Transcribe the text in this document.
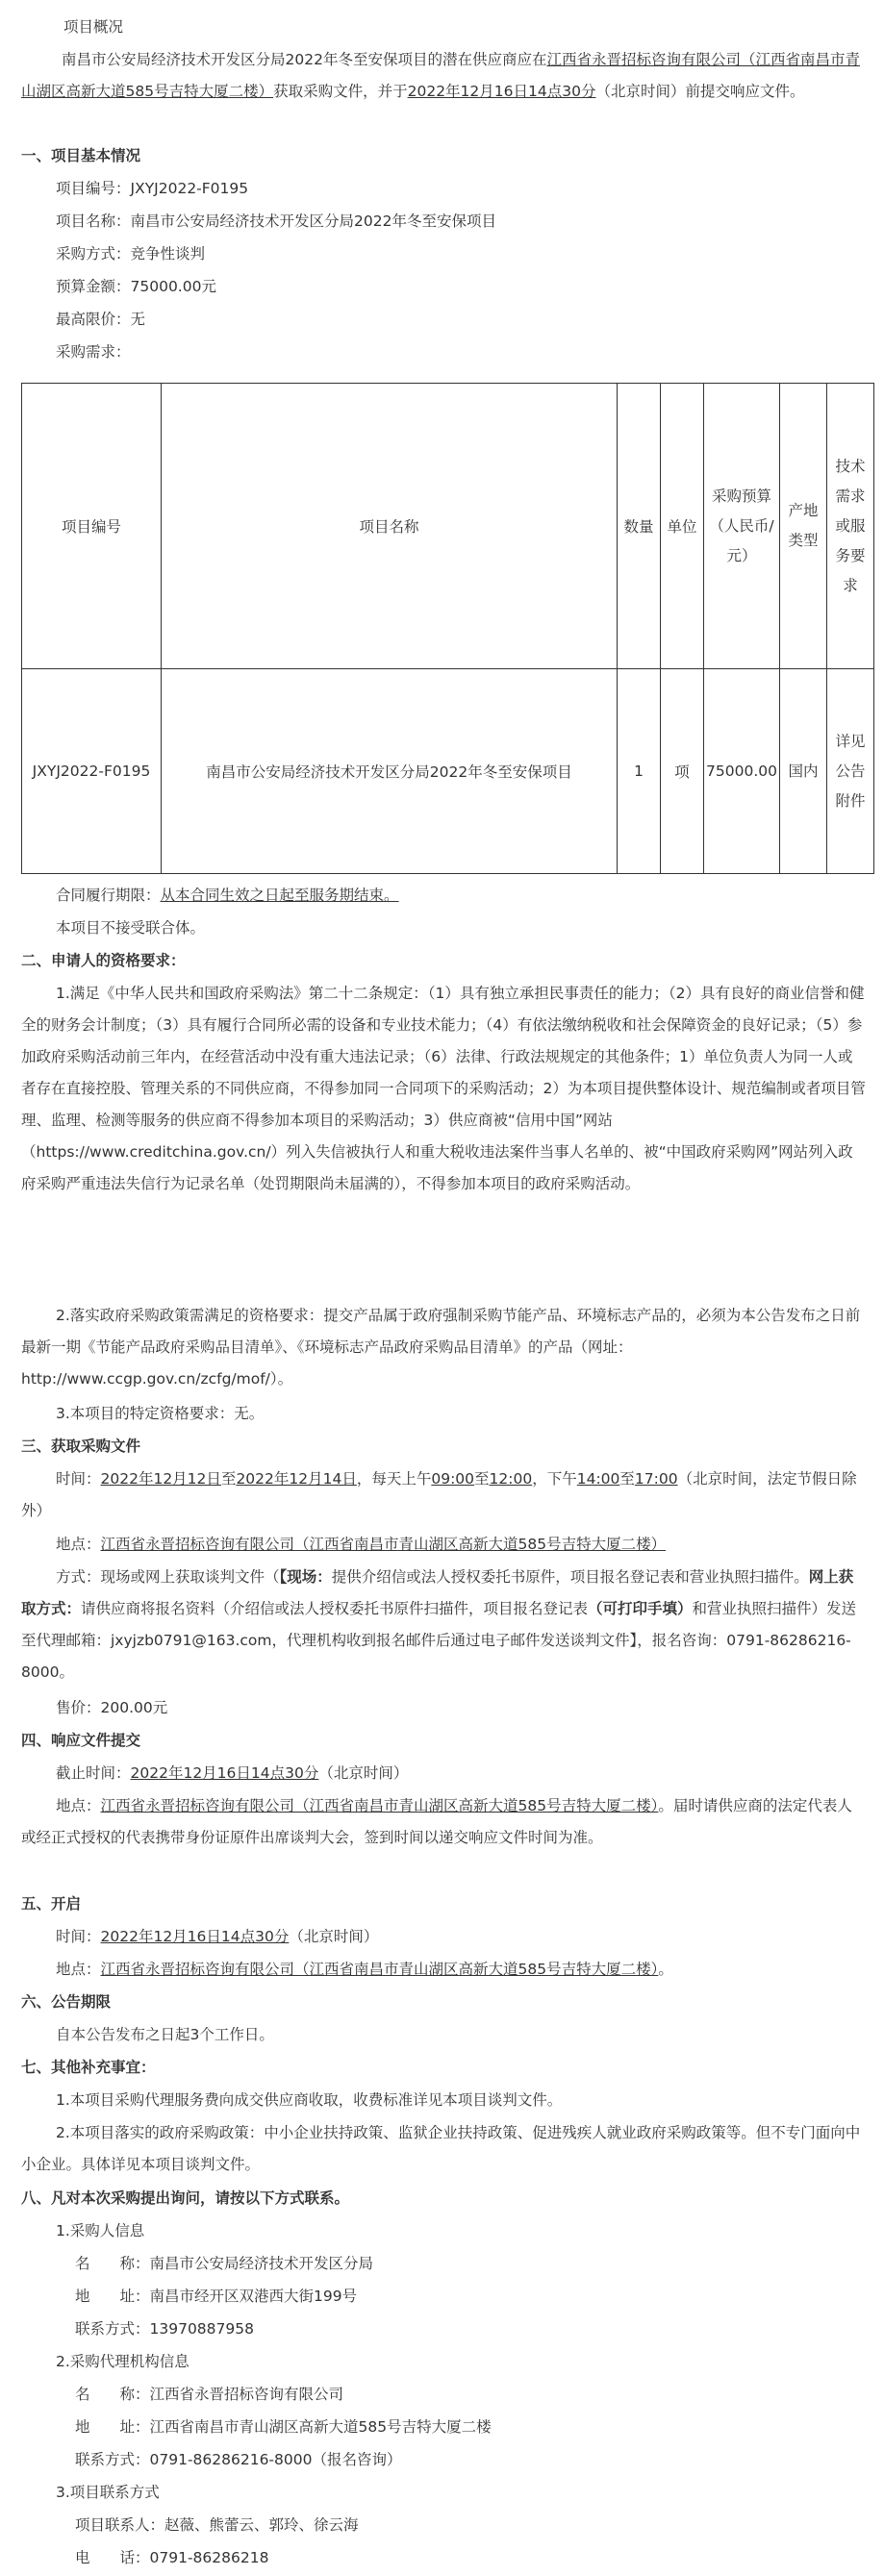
项目概况

南昌市公安局经济技术开发区分局2022年冬至安保项目的潜在供应商应在江西省永晋招标咨询有限公司（江西省南昌市青山湖区高新大道585号吉特大厦二楼）获取采购文件，并于2022年12月16日14点30分（北京时间）前提交响应文件。

一、项目基本情况
项目编号：JXYJ2022-F0195
项目名称：南昌市公安局经济技术开发区分局2022年冬至安保项目
采购方式：竞争性谈判
预算金额：75000.00元
最高限价：无
采购需求：
项目编号	项目名称	数量	单位	采购预算（人民币/元）	产地类型	技术需求或服务要求
JXYJ2022-F0195	南昌市公安局经济技术开发区分局2022年冬至安保项目	1	项	75000.00	国内	详见公告附件
合同履行期限：从本合同生效之日起至服务期结束。
本项目不接受联合体。
二、申请人的资格要求：

1.满足《中华人民共和国政府采购法》第二十二条规定：（1）具有独立承担民事责任的能力；（2）具有良好的商业信誉和健全的财务会计制度；（3）具有履行合同所必需的设备和专业技术能力；（4）有依法缴纳税收和社会保障资金的良好记录；（5）参加政府采购活动前三年内，在经营活动中没有重大违法记录；（6）法律、行政法规规定的其他条件；1）单位负责人为同一人或者存在直接控股、管理关系的不同供应商，不得参加同一合同项下的采购活动；2）为本项目提供整体设计、规范编制或者项目管理、监理、检测等服务的供应商不得参加本项目的采购活动；3）供应商被“信用中国”网站（https://www.creditchina.gov.cn/）列入失信被执行人和重大税收违法案件当事人名单的、被“中国政府采购网”网站列入政府采购严重违法失信行为记录名单（处罚期限尚未届满的），不得参加本项目的政府采购活动。

2.落实政府采购政策需满足的资格要求：提交产品属于政府强制采购节能产品、环境标志产品的，必须为本公告发布之日前最新一期《节能产品政府采购品目清单》、《环境标志产品政府采购品目清单》的产品（网址：http://www.ccgp.gov.cn/zcfg/mof/）。

3.本项目的特定资格要求：无。
三、获取采购文件

时间：2022年12月12日至2022年12月14日，每天上午09:00至12:00，下午14:00至17:00（北京时间，法定节假日除外）

地点：江西省永晋招标咨询有限公司（江西省南昌市青山湖区高新大道585号吉特大厦二楼）

方式：现场或网上获取谈判文件（【现场：提供介绍信或法人授权委托书原件，项目报名登记表和营业执照扫描件。网上获取方式：请供应商将报名资料（介绍信或法人授权委托书原件扫描件，项目报名登记表（可打印手填）和营业执照扫描件）发送至代理邮箱：jxyjzb0791@163.com，代理机构收到报名邮件后通过电子邮件发送谈判文件】，报名咨询：0791-86286216-8000。

售价：200.00元
四、响应文件提交
截止时间：2022年12月16日14点30分（北京时间）

地点：江西省永晋招标咨询有限公司（江西省南昌市青山湖区高新大道585号吉特大厦二楼）。届时请供应商的法定代表人或经正式授权的代表携带身份证原件出席谈判大会，签到时间以递交响应文件时间为准。

五、开启
时间：2022年12月16日14点30分（北京时间）
地点：江西省永晋招标咨询有限公司（江西省南昌市青山湖区高新大道585号吉特大厦二楼）。
六、公告期限
自本公告发布之日起3个工作日。
七、其他补充事宜：
1.本项目采购代理服务费向成交供应商收取，收费标准详见本项目谈判文件。

2.本项目落实的政府采购政策：中小企业扶持政策、监狱企业扶持政策、促进残疾人就业政府采购政策等。但不专门面向中小企业。具体详见本项目谈判文件。

八、凡对本次采购提出询问，请按以下方式联系。
1.采购人信息
名　　称：南昌市公安局经济技术开发区分局
地　　址：南昌市经开区双港西大街199号
联系方式：13970887958
2.采购代理机构信息
名　　称：江西省永晋招标咨询有限公司
地　　址：江西省南昌市青山湖区高新大道585号吉特大厦二楼
联系方式：0791-86286216-8000（报名咨询）
3.项目联系方式
项目联系人：赵薇、熊蕾云、郭玲、徐云海
电　　话：0791-86286218
